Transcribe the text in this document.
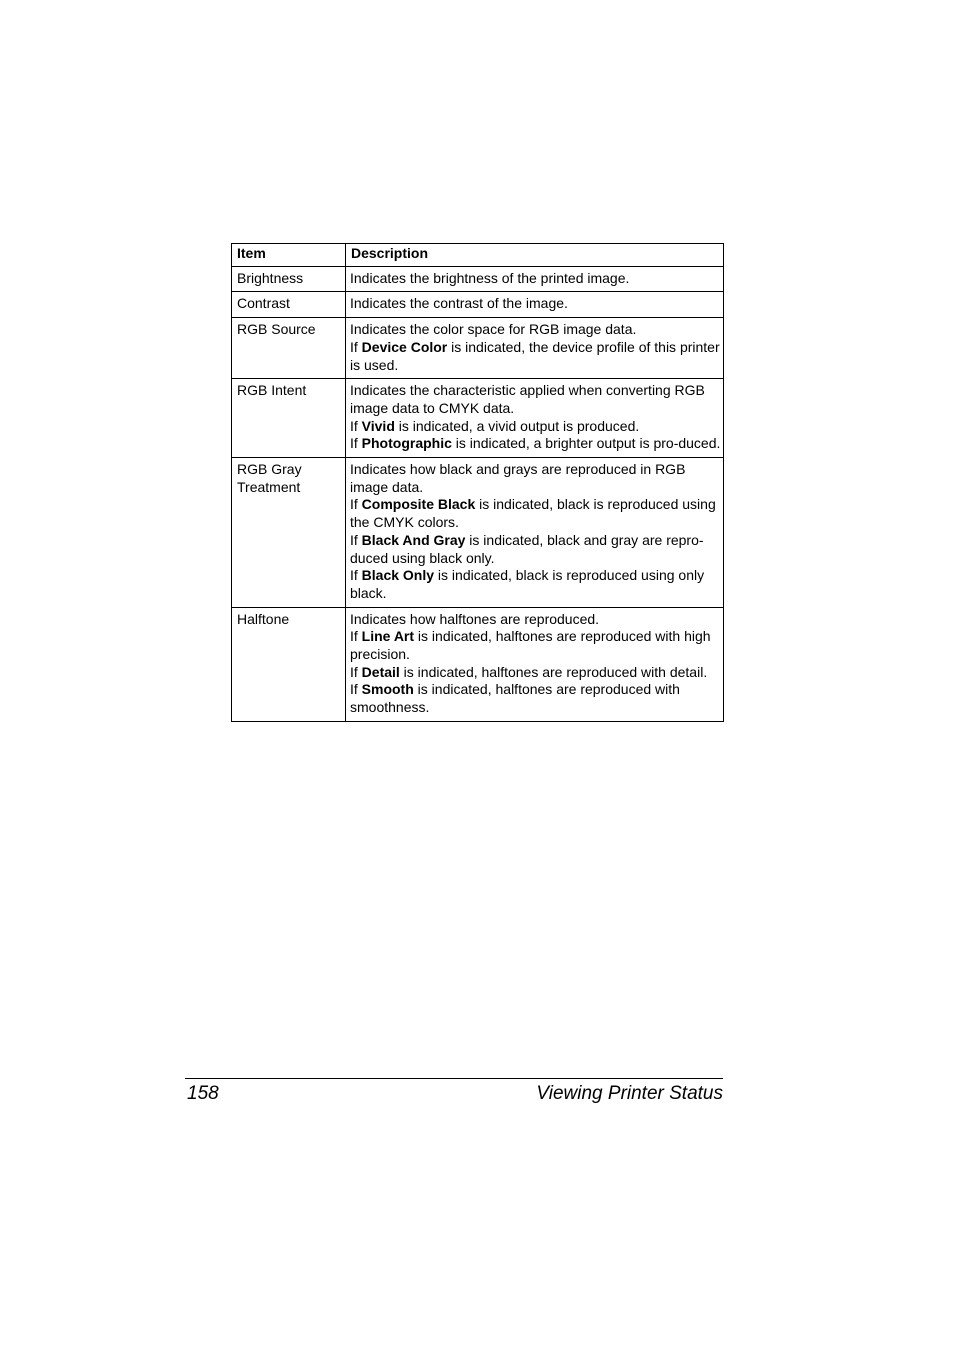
Item	Description
Brightness	Indicates the brightness of the printed image.

Contrast	Indicates the contrast of the image.

RGB Source	Indicates the color space for RGB image data.
If Device Color is indicated, the device profile of this printer is used.

RGB Intent	Indicates the characteristic applied when converting RGB image data to CMYK data.
If Vivid is indicated, a vivid output is produced.
If Photographic is indicated, a brighter output is pro-duced.

RGB Gray Treatment	Indicates how black and grays are reproduced in RGB image data.
If Composite Black is indicated, black is reproduced using the CMYK colors.
If Black And Gray is indicated, black and gray are repro-duced using black only.
If Black Only is indicated, black is reproduced using only black.

Halftone	Indicates how halftones are reproduced.
If Line Art is indicated, halftones are reproduced with high precision.
If Detail is indicated, halftones are reproduced with detail.
If Smooth is indicated, halftones are reproduced with smoothness.
158	Viewing Printer Status
